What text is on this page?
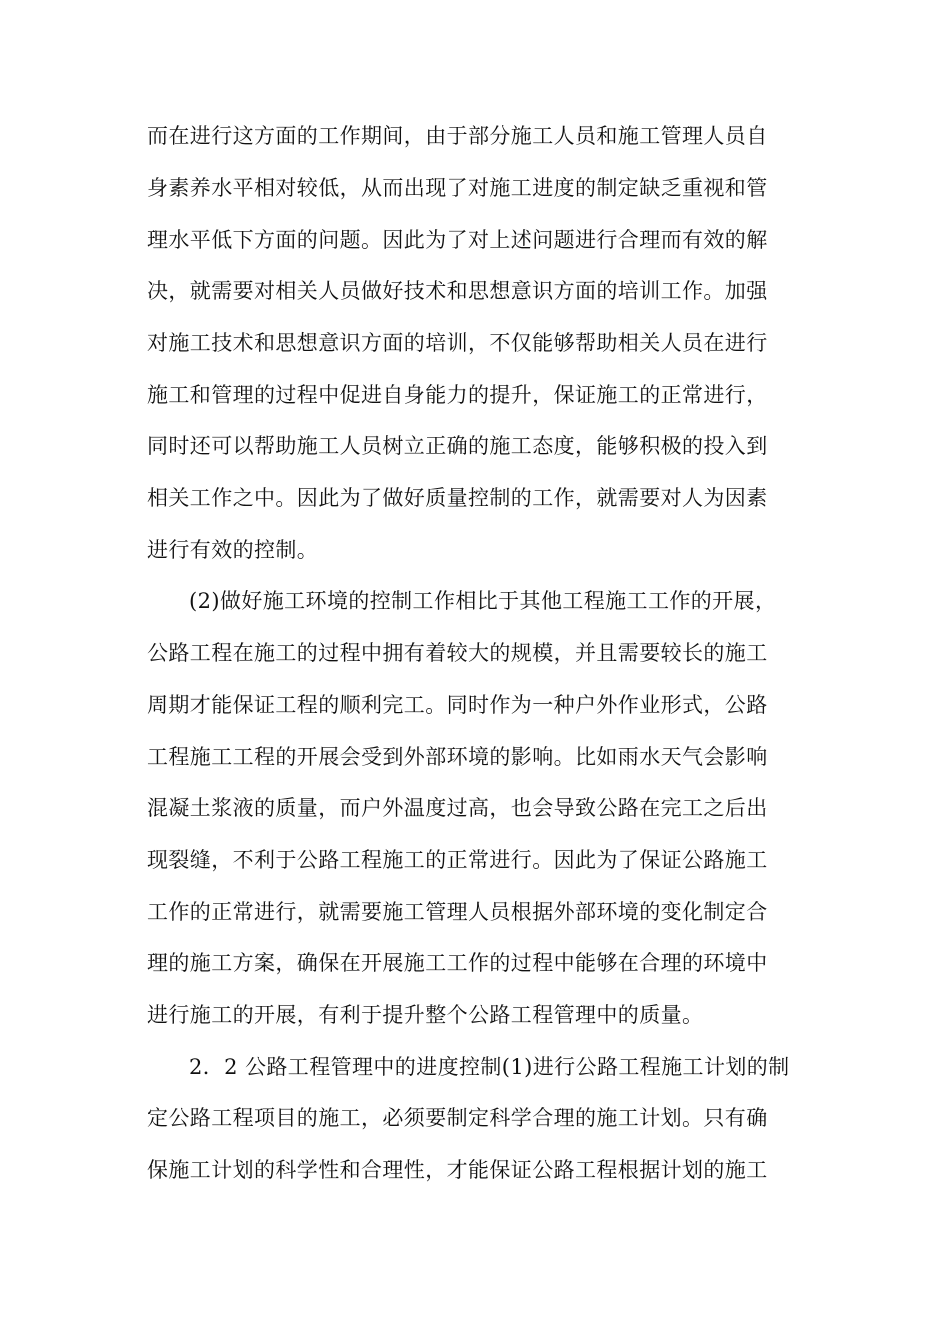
而在进行这方面的工作期间，由于部分施工人员和施工管理人员自
身素养水平相对较低，从而出现了对施工进度的制定缺乏重视和管
理水平低下方面的问题。因此为了对上述问题进行合理而有效的解
决，就需要对相关人员做好技术和思想意识方面的培训工作。加强
对施工技术和思想意识方面的培训，不仅能够帮助相关人员在进行
施工和管理的过程中促进自身能力的提升，保证施工的正常进行，
同时还可以帮助施工人员树立正确的施工态度，能够积极的投入到
相关工作之中。因此为了做好质量控制的工作，就需要对人为因素
进行有效的控制。
(2)做好施工环境的控制工作相比于其他工程施工工作的开展，
公路工程在施工的过程中拥有着较大的规模，并且需要较长的施工
周期才能保证工程的顺利完工。同时作为一种户外作业形式，公路
工程施工工程的开展会受到外部环境的影响。比如雨水天气会影响
混凝土浆液的质量，而户外温度过高，也会导致公路在完工之后出
现裂缝，不利于公路工程施工的正常进行。因此为了保证公路施工
工作的正常进行，就需要施工管理人员根据外部环境的变化制定合
理的施工方案，确保在开展施工工作的过程中能够在合理的环境中
进行施工的开展，有利于提升整个公路工程管理中的质量。
2．2 公路工程管理中的进度控制(1)进行公路工程施工计划的制
定公路工程项目的施工，必须要制定科学合理的施工计划。只有确
保施工计划的科学性和合理性，才能保证公路工程根据计划的施工
